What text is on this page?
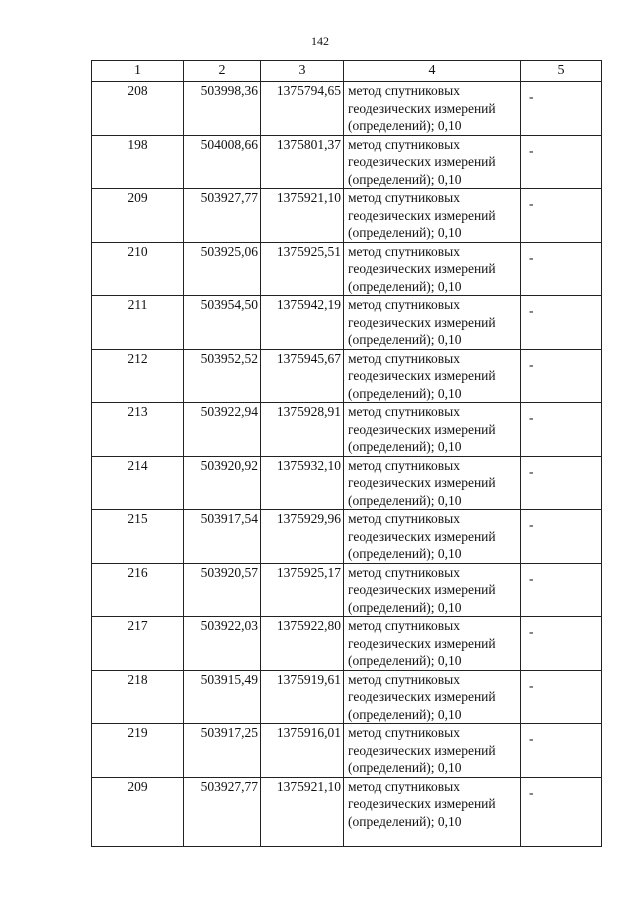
142
1	2	3	4	5
208	503998,36	1375794,65	метод спутниковых
геодезических измерений
(определений); 0,10	-
198	504008,66	1375801,37	метод спутниковых
геодезических измерений
(определений); 0,10	-
209	503927,77	1375921,10	метод спутниковых
геодезических измерений
(определений); 0,10	-
210	503925,06	1375925,51	метод спутниковых
геодезических измерений
(определений); 0,10	-
211	503954,50	1375942,19	метод спутниковых
геодезических измерений
(определений); 0,10	-
212	503952,52	1375945,67	метод спутниковых
геодезических измерений
(определений); 0,10	-
213	503922,94	1375928,91	метод спутниковых
геодезических измерений
(определений); 0,10	-
214	503920,92	1375932,10	метод спутниковых
геодезических измерений
(определений); 0,10	-
215	503917,54	1375929,96	метод спутниковых
геодезических измерений
(определений); 0,10	-
216	503920,57	1375925,17	метод спутниковых
геодезических измерений
(определений); 0,10	-
217	503922,03	1375922,80	метод спутниковых
геодезических измерений
(определений); 0,10	-
218	503915,49	1375919,61	метод спутниковых
геодезических измерений
(определений); 0,10	-
219	503917,25	1375916,01	метод спутниковых
геодезических измерений
(определений); 0,10	-
209	503927,77	1375921,10	метод спутниковых
геодезических измерений
(определений); 0,10	-
